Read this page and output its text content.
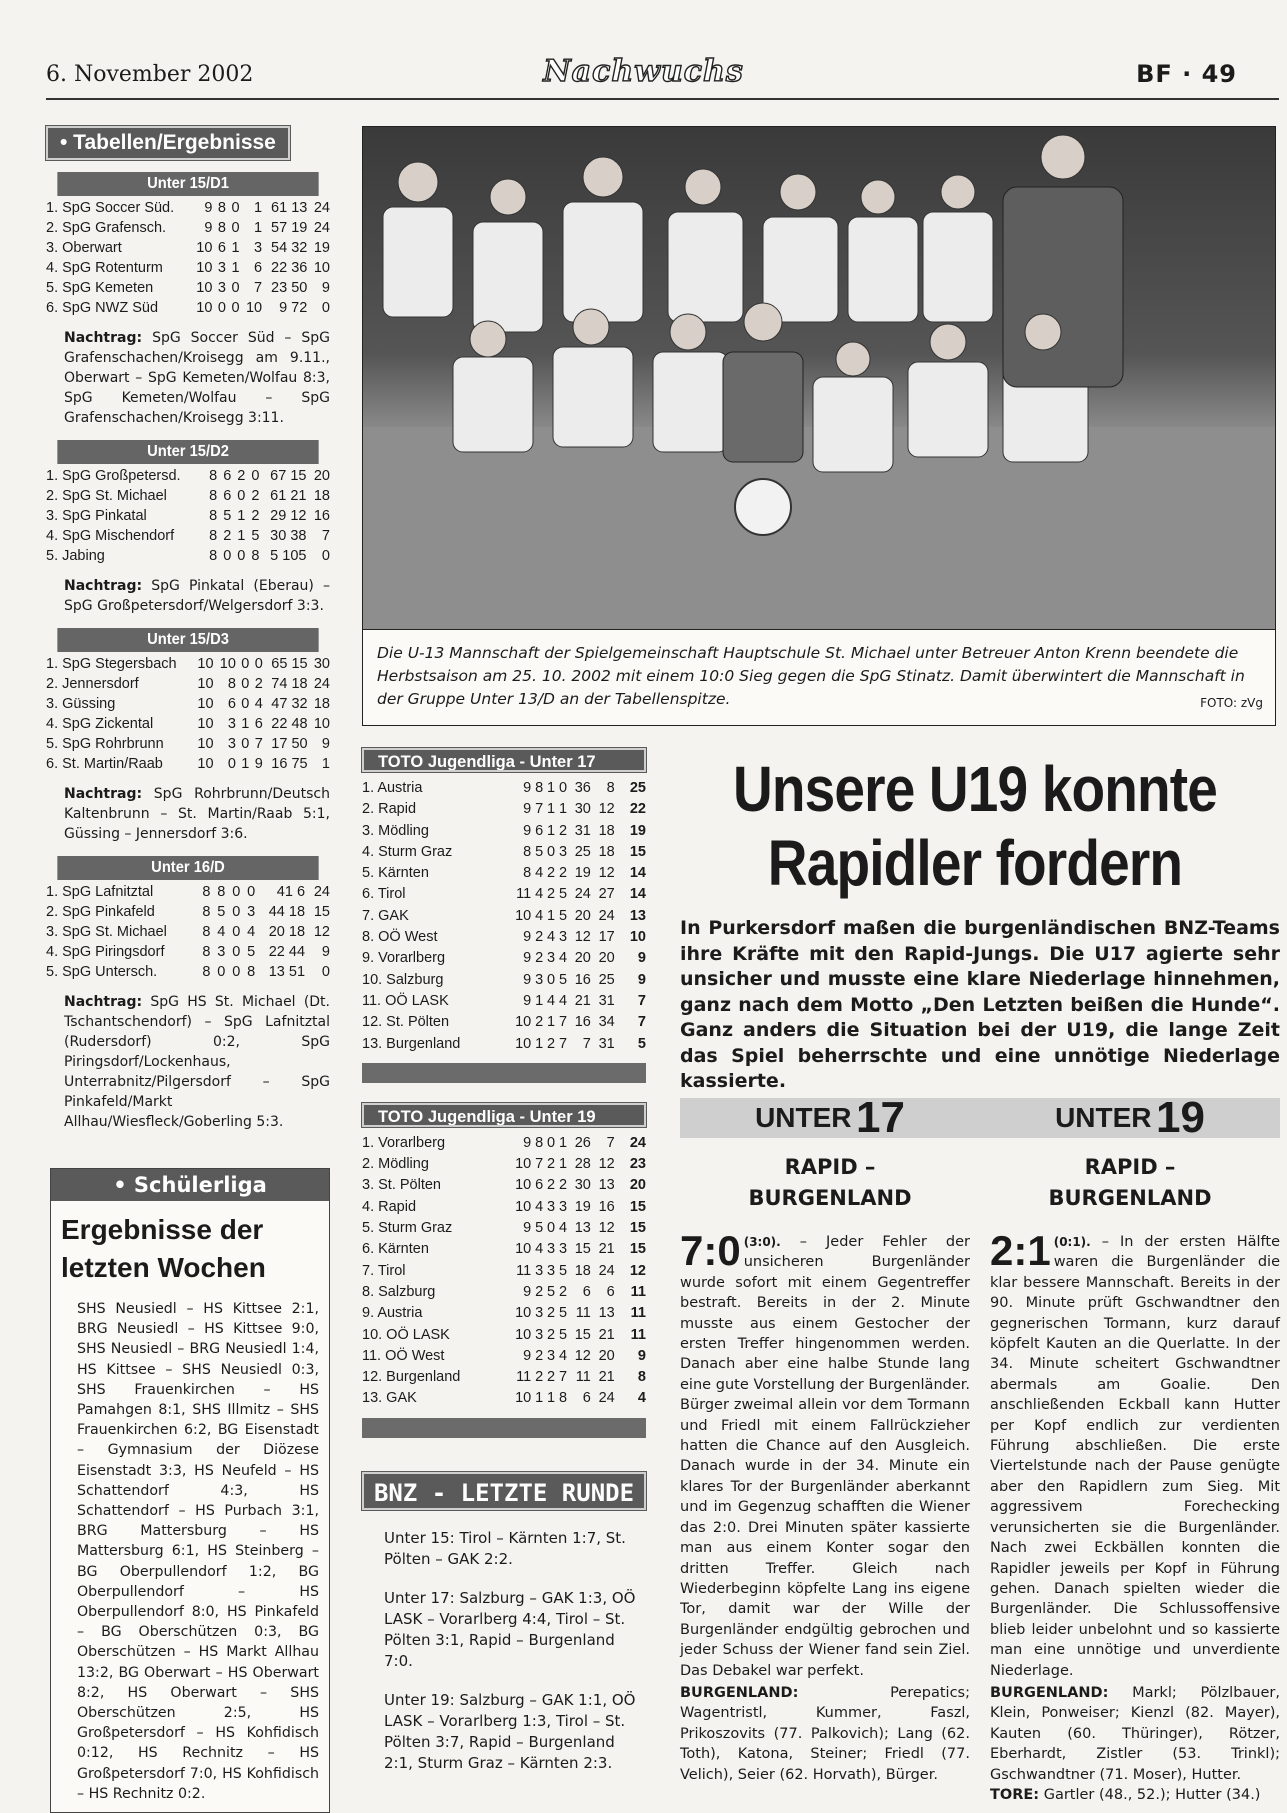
6. November 2002	Nachwuchs	BF · 49
• Tabellen/Ergebnisse
Unter 15/D1
1. SpG Soccer Süd.	9	8	0	1	61 13	24
2. SpG Grafensch.	9	8	0	1	57 19	24
3. Oberwart	10	6	1	3	54 32	19
4. SpG Rotenturm	10	3	1	6	22 36	10
5. SpG Kemeten	10	3	0	7	23 50	9
6. SpG NWZ Süd	10	0	0	10	9 72	0
Nachtrag: SpG Soccer Süd – SpG Grafenschachen/Kroisegg am 9.11., Oberwart – SpG Kemeten/Wolfau 8:3, SpG Kemeten/Wolfau – SpG Grafenschachen/Kroisegg 3:11.
Unter 15/D2
1. SpG Großpetersd.	8	6	2	0	67 15	20
2. SpG St. Michael	8	6	0	2	61 21	18
3. SpG Pinkatal	8	5	1	2	29 12	16
4. SpG Mischendorf	8	2	1	5	30 38	7
5. Jabing	8	0	0	8	5 105	0
Nachtrag: SpG Pinkatal (Eberau) – SpG Großpetersdorf/Welgersdorf 3:3.
Unter 15/D3
1. SpG Stegersbach	10	10	0	0	65 15	30
2. Jennersdorf	10	8	0	2	74 18	24
3. Güssing	10	6	0	4	47 32	18
4. SpG Zickental	10	3	1	6	22 48	10
5. SpG Rohrbrunn	10	3	0	7	17 50	9
6. St. Martin/Raab	10	0	1	9	16 75	1
Nachtrag: SpG Rohrbrunn/Deutsch Kaltenbrunn – St. Martin/Raab 5:1, Güssing – Jennersdorf 3:6.
Unter 16/D
1. SpG Lafnitztal	8	8	0	0	41 6	24
2. SpG Pinkafeld	8	5	0	3	44 18	15
3. SpG St. Michael	8	4	0	4	20 18	12
4. SpG Piringsdorf	8	3	0	5	22 44	9
5. SpG Untersch.	8	0	0	8	13 51	0
Nachtrag: SpG HS St. Michael (Dt. Tschantschendorf) – SpG Lafnitztal (Rudersdorf) 0:2, SpG Piringsdorf/Lockenhaus, Unterrabnitz/Pilgersdorf – SpG Pinkafeld/Markt Allhau/Wiesfleck/Goberling 5:3.
• Schülerliga
Ergebnisse der letzten Wochen
SHS Neusiedl – HS Kittsee 2:1, BRG Neusiedl – HS Kittsee 9:0, SHS Neusiedl – BRG Neusiedl 1:4, HS Kittsee – SHS Neusiedl 0:3, SHS Frauenkirchen – HS Pamahgen 8:1, SHS Illmitz – SHS Frauenkirchen 6:2, BG Eisenstadt – Gymnasium der Diözese Eisenstadt 3:3, HS Neufeld – HS Schattendorf 4:3, HS Schattendorf – HS Purbach 3:1, BRG Mattersburg – HS Mattersburg 6:1, HS Steinberg – BG Oberpullendorf 1:2, BG Oberpullendorf – HS Oberpullendorf 8:0, HS Pinkafeld – BG Oberschützen 0:3, BG Oberschützen – HS Markt Allhau 13:2, BG Oberwart – HS Oberwart 8:2, HS Oberwart – SHS Oberschützen 2:5, HS Großpetersdorf – HS Kohfidisch 0:12, HS Rechnitz – HS Großpetersdorf 7:0, HS Kohfidisch – HS Rechnitz 0:2.
Die U-13 Mannschaft der Spielgemeinschaft Hauptschule St. Michael unter Betreuer Anton Krenn beendete die Herbstsaison am 25. 10. 2002 mit einem 10:0 Sieg gegen die SpG Stinatz. Damit überwintert die Mannschaft in der Gruppe Unter 13/D an der Tabellenspitze.	FOTO: zVg
TOTO Jugendliga - Unter 17
1. Austria	9	8	1	0	36	8	25
2. Rapid	9	7	1	1	30	12	22
3. Mödling	9	6	1	2	31	18	19
4. Sturm Graz	8	5	0	3	25	18	15
5. Kärnten	8	4	2	2	19	12	14
6. Tirol	11	4	2	5	24	27	14
7. GAK	10	4	1	5	20	24	13
8. OÖ West	9	2	4	3	12	17	10
9. Vorarlberg	9	2	3	4	20	20	9
10. Salzburg	9	3	0	5	16	25	9
11. OÖ LASK	9	1	4	4	21	31	7
12. St. Pölten	10	2	1	7	16	34	7
13. Burgenland	10	1	2	7	7	31	5
TOTO Jugendliga - Unter 19
1. Vorarlberg	9	8	0	1	26	7	24
2. Mödling	10	7	2	1	28	12	23
3. St. Pölten	10	6	2	2	30	13	20
4. Rapid	10	4	3	3	19	16	15
5. Sturm Graz	9	5	0	4	13	12	15
6. Kärnten	10	4	3	3	15	21	15
7. Tirol	11	3	3	5	18	24	12
8. Salzburg	9	2	5	2	6	6	11
9. Austria	10	3	2	5	11	13	11
10. OÖ LASK	10	3	2	5	15	21	11
11. OÖ West	9	2	3	4	12	20	9
12. Burgenland	11	2	2	7	11	21	8
13. GAK	10	1	1	8	6	24	4
BNZ - LETZTE RUNDE

Unter 15: Tirol – Kärnten 1:7, St. Pölten – GAK 2:2.

Unter 17: Salzburg – GAK 1:3, OÖ LASK – Vorarlberg 4:4, Tirol – St. Pölten 3:1, Rapid – Burgenland 7:0.

Unter 19: Salzburg – GAK 1:1, OÖ LASK – Vorarlberg 1:3, Tirol – St. Pölten 3:7, Rapid – Burgenland 2:1, Sturm Graz – Kärnten 2:3.

Unsere U19 konnte
Rapidler fordern
In Purkersdorf maßen die burgenländischen BNZ-Teams ihre Kräfte mit den Rapid-Jungs. Die U17 agierte sehr unsicher und musste eine klare Niederlage hinnehmen, ganz nach dem Motto „Den Letzten beißen die Hunde“. Ganz anders die Situation bei der U19, die lange Zeit das Spiel beherrschte und eine unnötige Niederlage kassierte.
UNTER 17	UNTER 19
RAPID –
BURGENLAND
RAPID –
BURGENLAND
7:0 (3:0). – Jeder Fehler der unsicheren Burgenländer wurde sofort mit einem Gegentreffer bestraft. Bereits in der 2. Minute musste aus einem Gestocher der ersten Treffer hingenommen werden. Danach aber eine halbe Stunde lang eine gute Vorstellung der Burgenländer. Bürger zweimal allein vor dem Tormann und Friedl mit einem Fallrückzieher hatten die Chance auf den Ausgleich. Danach wurde in der 34. Minute ein klares Tor der Burgenländer aberkannt und im Gegenzug schafften die Wiener das 2:0. Drei Minuten später kassierte man aus einem Konter sogar den dritten Treffer. Gleich nach Wiederbeginn köpfelte Lang ins eigene Tor, damit war der Wille der Burgenländer endgültig gebrochen und jeder Schuss der Wiener fand sein Ziel. Das Debakel war perfekt.
BURGENLAND:	Perepatics; Wagentristl, Kummer, Faszl, Prikoszovits (77. Palkovich); Lang (62. Toth), Katona, Steiner; Friedl (77. Velich), Seier (62. Horvath), Bürger.
2:1 (0:1). – In der ersten Hälfte waren die Burgenländer die klar bessere Mannschaft. Bereits in der 90. Minute prüft Gschwandtner den gegnerischen Tormann, kurz darauf köpfelt Kauten an die Querlatte. In der 34. Minute scheitert Gschwandtner abermals am Goalie. Den anschließenden Eckball kann Hutter per Kopf endlich zur verdienten Führung abschließen. Die erste Viertelstunde nach der Pause genügte aber den Rapidlern zum Sieg. Mit aggressivem Forechecking verunsicherten sie die Burgenländer. Nach zwei Eckbällen konnten die Rapidler jeweils per Kopf in Führung gehen. Danach spielten wieder die Burgenländer. Die Schlussoffensive blieb leider unbelohnt und so kassierte man eine unnötige und unverdiente Niederlage.
BURGENLAND: Markl; Pölzlbauer, Klein, Ponweiser; Kienzl (82. Mayer), Kauten (60. Thüringer), Rötzer, Eberhardt, Zistler (53. Trinkl); Gschwandtner (71. Moser), Hutter.
TORE: Gartler (48., 52.); Hutter (34.)
